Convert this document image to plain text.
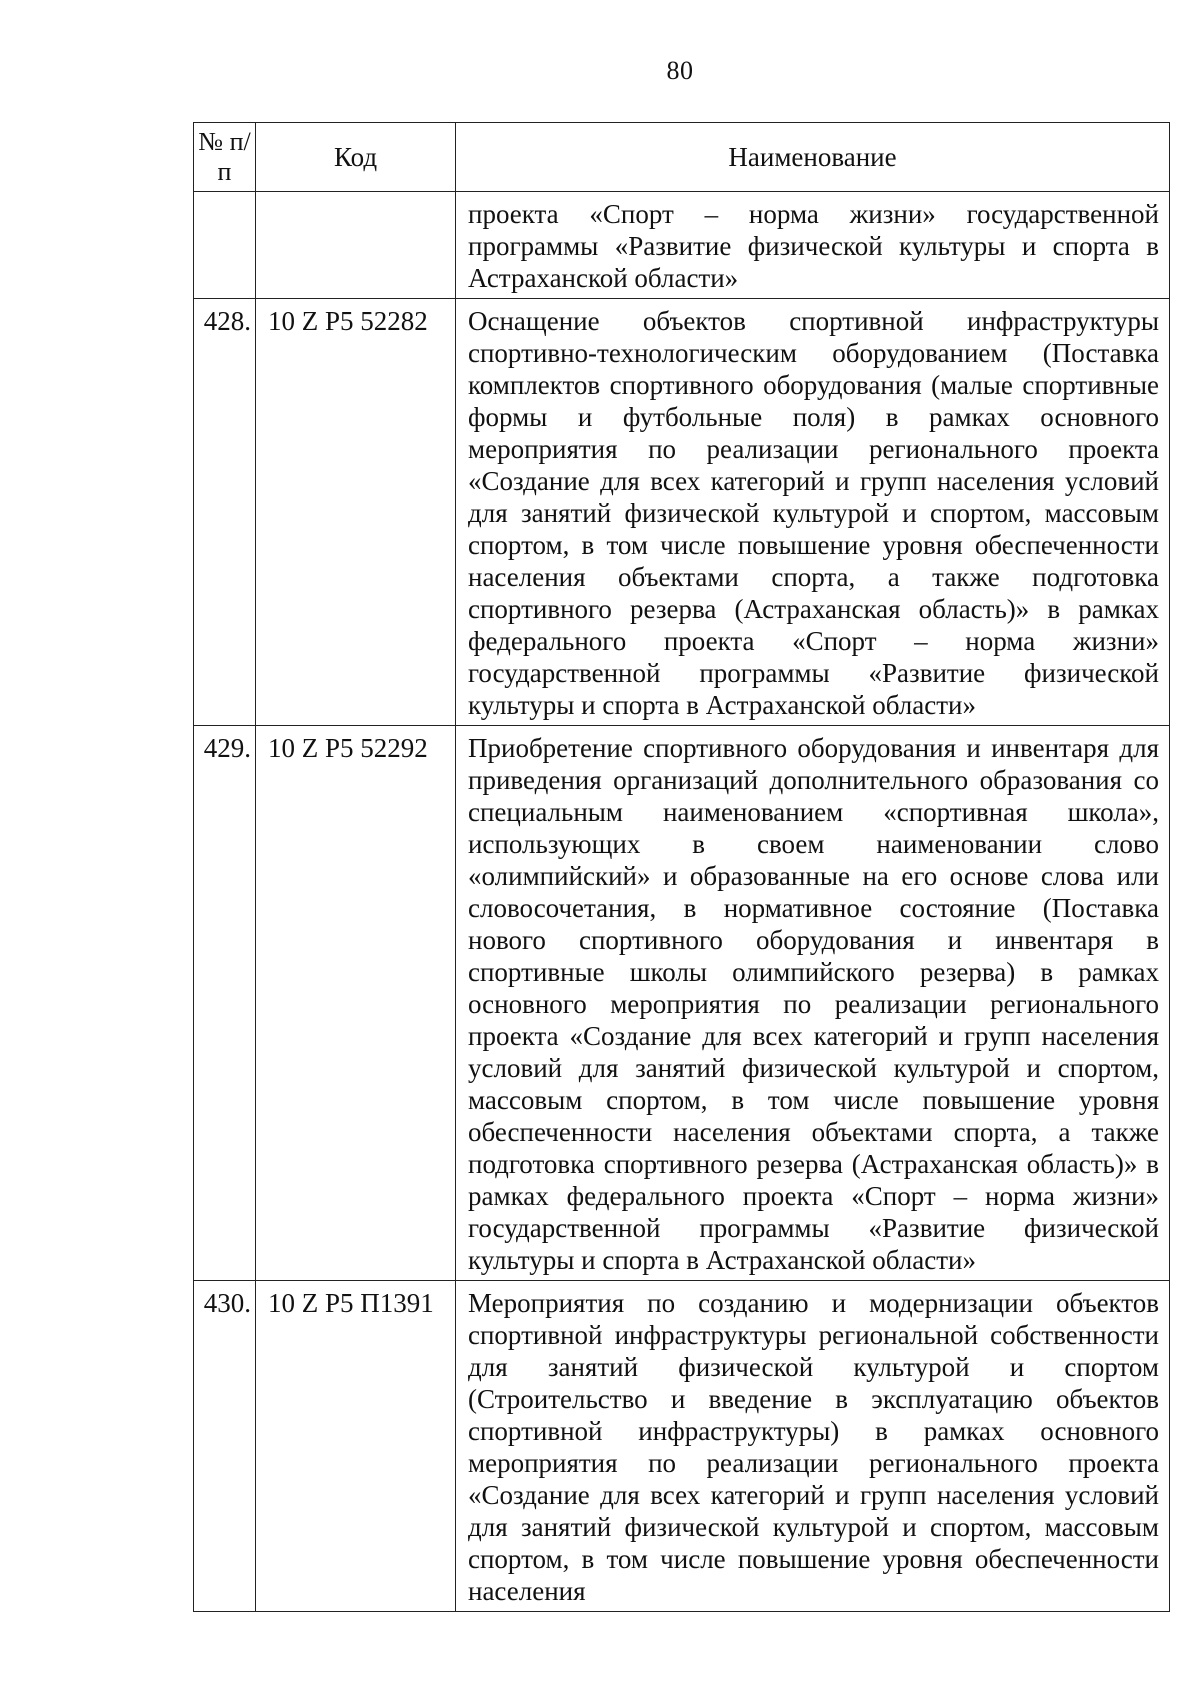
80
№ п/п	Код	Наименование
		проекта «Спорт – норма жизни» государственной программы «Развитие физической культуры и спорта в Астраханской области»
428.	10 Z P5 52282	Оснащение объектов спортивной инфраструктуры спортивно-технологическим оборудованием (Поставка комплектов спортивного оборудования (малые спортивные формы и футбольные поля) в рамках основного мероприятия по реализации регионального проекта «Создание для всех категорий и групп населения условий для занятий физической культурой и спортом, массовым спортом, в том числе повышение уровня обеспеченности населения объектами спорта, а также подготовка спортивного резерва (Астраханская область)» в рамках федерального проекта «Спорт – норма жизни» государственной программы «Развитие физической культуры и спорта в Астраханской области»
429.	10 Z P5 52292	Приобретение спортивного оборудования и инвентаря для приведения организаций дополнительного образования со специальным наименованием «спортивная школа», использующих в своем наименовании слово «олимпийский» и образованные на его основе слова или словосочетания, в нормативное состояние (Поставка нового спортивного оборудования и инвентаря в спортивные школы олимпийского резерва) в рамках основного мероприятия по реализации регионального проекта «Создание для всех категорий и групп населения условий для занятий физической культурой и спортом, массовым спортом, в том числе повышение уровня обеспеченности населения объектами спорта, а также подготовка спортивного резерва (Астраханская область)» в рамках федерального проекта «Спорт – норма жизни» государственной программы «Развитие физической культуры и спорта в Астраханской области»
430.	10 Z P5 П1391	Мероприятия по созданию и модернизации объектов спортивной инфраструктуры региональной собственности для занятий физической культурой и спортом (Строительство и введение в эксплуатацию объектов спортивной инфраструктуры) в рамках основного мероприятия по реализации регионального проекта «Создание для всех категорий и групп населения условий для занятий физической культурой и спортом, массовым спортом, в том числе повышение уровня обеспеченности населения
